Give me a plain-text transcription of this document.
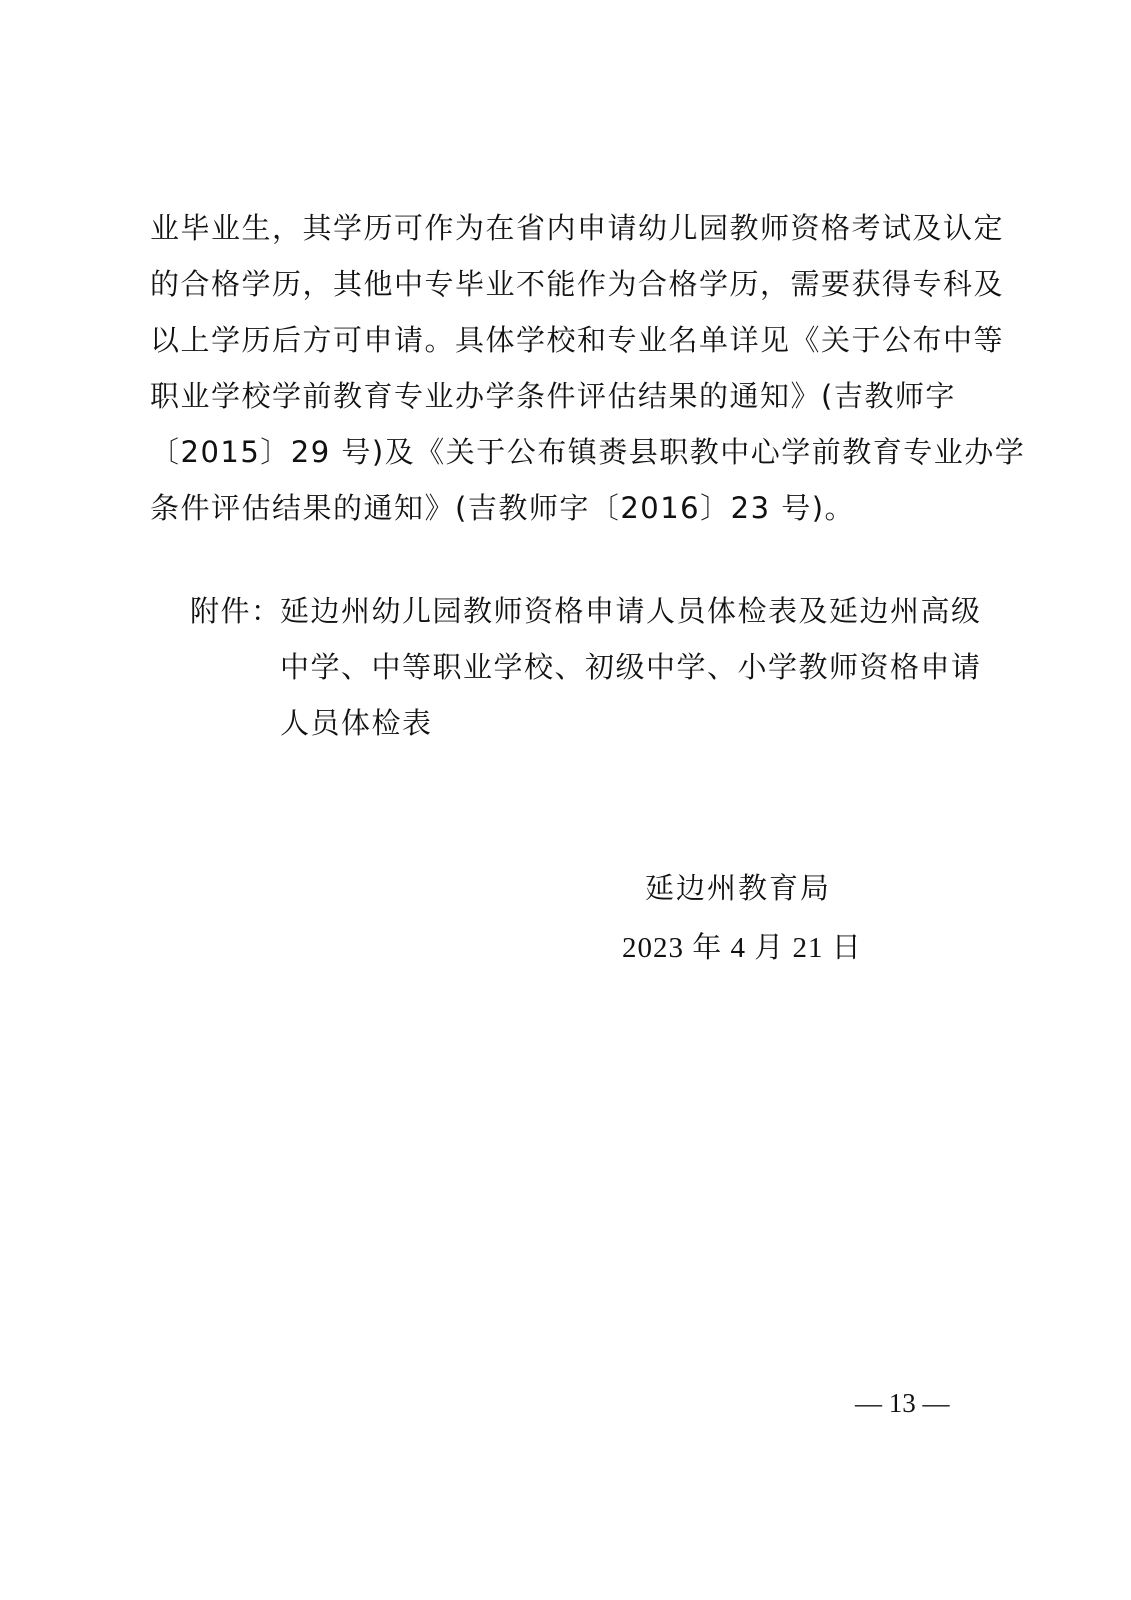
业毕业生，其学历可作为在省内申请幼儿园教师资格考试及认定
的合格学历，其他中专毕业不能作为合格学历，需要获得专科及
以上学历后方可申请。具体学校和专业名单详见《关于公布中等
职业学校学前教育专业办学条件评估结果的通知》(吉教师字
〔2015〕29 号)及《关于公布镇赉县职教中心学前教育专业办学
条件评估结果的通知》(吉教师字〔2016〕23 号)。
附件：
延边州幼儿园教师资格申请人员体检表及延边州高级
中学、中等职业学校、初级中学、小学教师资格申请
人员体检表
延边州教育局
2023 年 4 月 21 日
— 13 —
